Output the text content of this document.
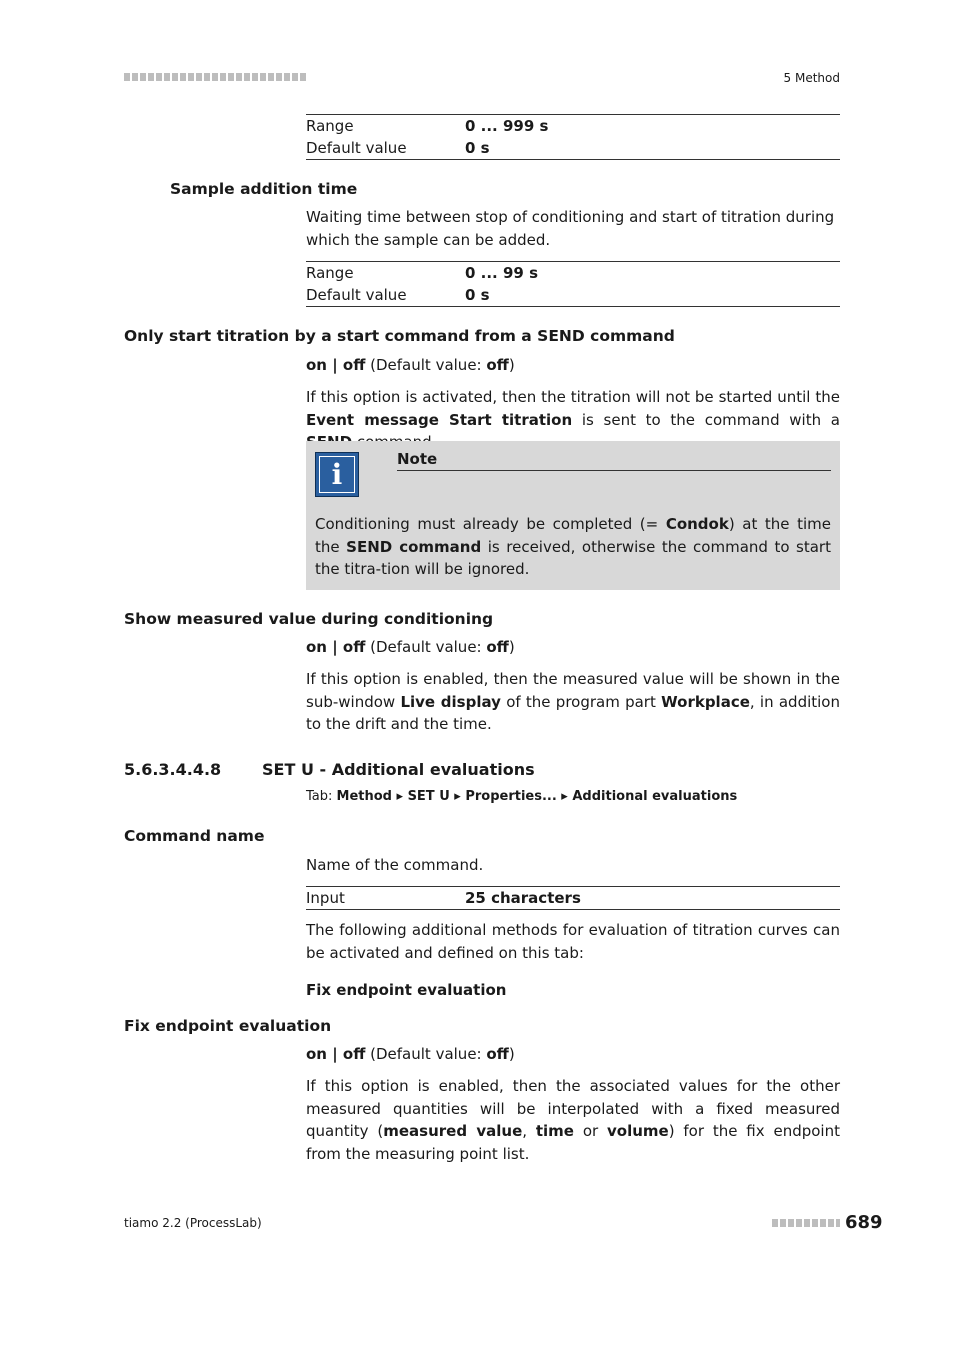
5 Method
Range	0 ... 999 s
Default value	0 s
Sample addition time
Waiting time between stop of conditioning and start of titration during which the sample can be added.
Range	0 ... 99 s
Default value	0 s
Only start titration by a start command from a SEND command
on | off (Default value: off)
If this option is activated, then the titration will not be started until the Event message Start titration is sent to the command with a
i	Note
Conditioning must already be completed (= Condok) at the time the SEND command is received, otherwise the command to start the titra-tion will be ignored.
Show measured value during conditioning
on | off (Default value: off)
If this option is enabled, then the measured value will be shown in the sub-window Live display of the program part Workplace, in addition to the drift and the time.
5.6.3.4.4.8	SET U - Additional evaluations
Tab: Method ▸ SET U ▸ Properties... ▸ Additional evaluations
Command name
Name of the command.
Input	25 characters
The following additional methods for evaluation of titration curves can be activated and defined on this tab:
Fix endpoint evaluation
Fix endpoint evaluation
on | off (Default value: off)
If this option is enabled, then the associated values for the other measured quantities will be interpolated with a fixed measured quantity (measured value, time or volume) for the fix endpoint from the measuring point list.
tiamo 2.2 (ProcessLab)	689
